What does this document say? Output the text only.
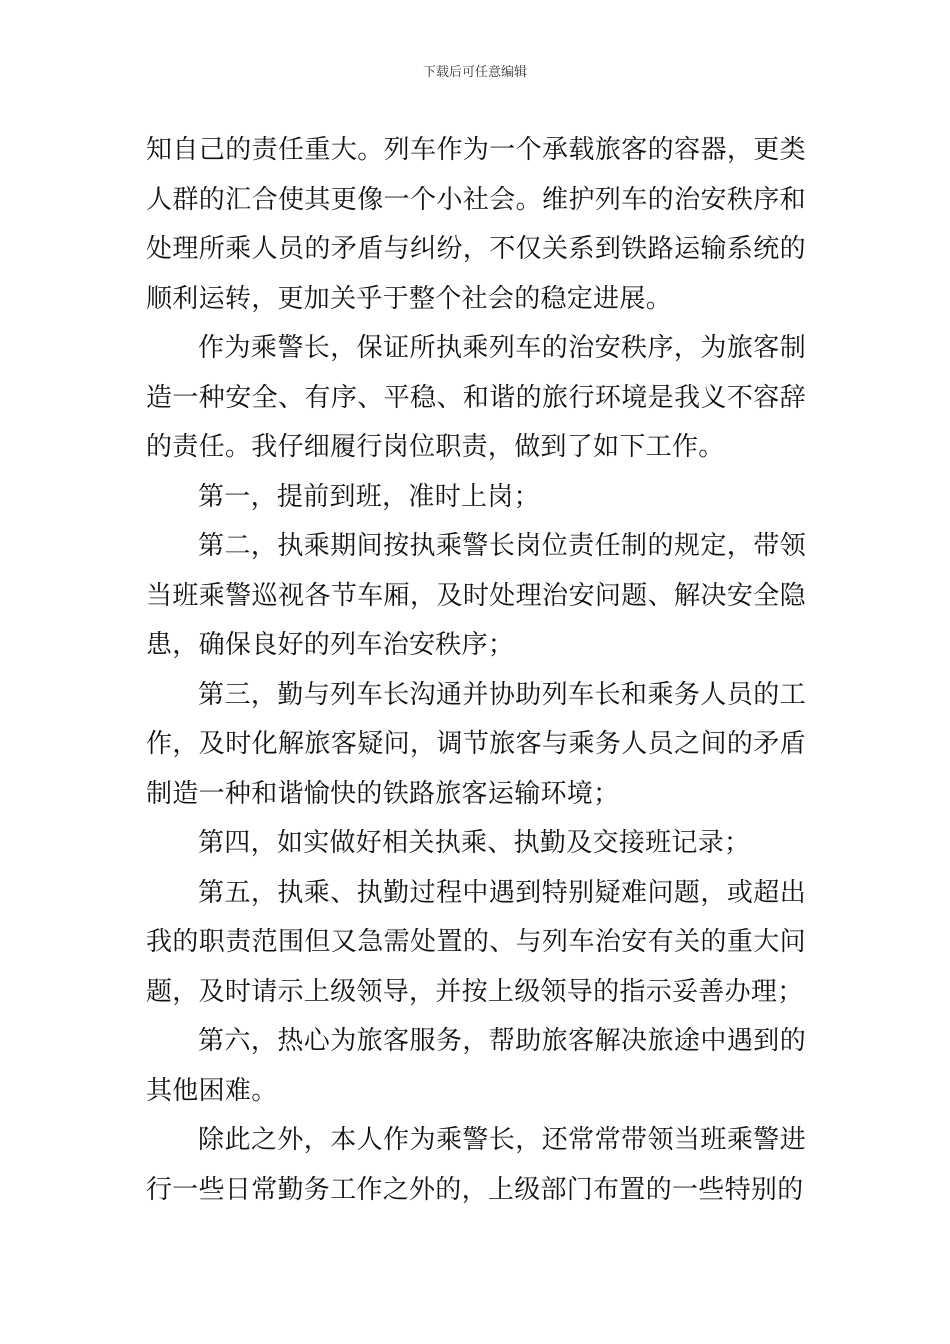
下载后可任意编辑

知自己的责任重大。列车作为一个承载旅客的容器，更类人群的汇合使其更像一个小社会。维护列车的治安秩序和处理所乘人员的矛盾与纠纷，不仅关系到铁路运输系统的顺利运转，更加关乎于整个社会的稳定进展。

作为乘警长，保证所执乘列车的治安秩序，为旅客制造一种安全、有序、平稳、和谐的旅行环境是我义不容辞的责任。我仔细履行岗位职责，做到了如下工作。

第一，提前到班，准时上岗；

第二，执乘期间按执乘警长岗位责任制的规定，带领当班乘警巡视各节车厢，及时处理治安问题、解决安全隐患，确保良好的列车治安秩序；

第三，勤与列车长沟通并协助列车长和乘务人员的工作，及时化解旅客疑问，调节旅客与乘务人员之间的矛盾制造一种和谐愉快的铁路旅客运输环境；

第四，如实做好相关执乘、执勤及交接班记录；

第五，执乘、执勤过程中遇到特别疑难问题，或超出我的职责范围但又急需处置的、与列车治安有关的重大问题，及时请示上级领导，并按上级领导的指示妥善办理；

第六，热心为旅客服务，帮助旅客解决旅途中遇到的其他困难。

除此之外，本人作为乘警长，还常常带领当班乘警进行一些日常勤务工作之外的，上级部门布置的一些特别的
